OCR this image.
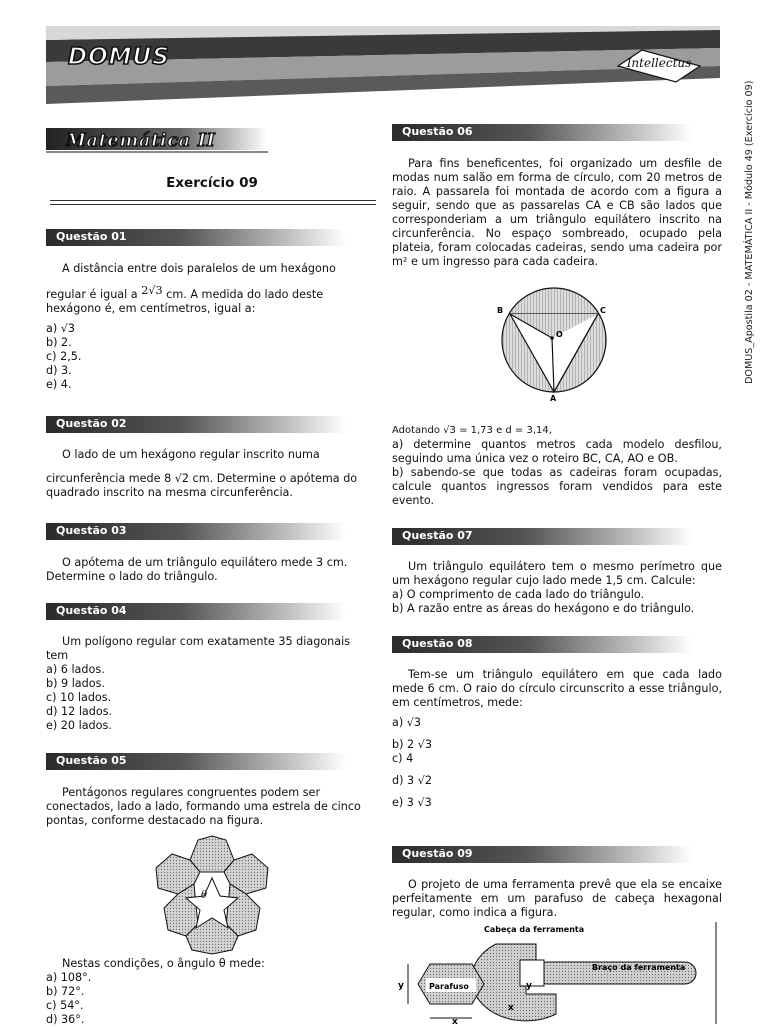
DOMUS	Intellectus
DOMUS_Apostila 02 - MATEMÁTICA II - Módulo 49 (Exercício 09)
Matemática II
Exercício 09
Questão 01

A distância entre dois paralelos de um hexágono

regular é igual a 2√3 cm. A medida do lado deste

hexágono é, em centímetros, igual a:

a) √3

b) 2.

c) 2,5.

d) 3.

e) 4.

Questão 02

O lado de um hexágono regular inscrito numa

circunferência mede 8 √2 cm. Determine o apótema do

quadrado inscrito na mesma circunferência.

Questão 03

O apótema de um triângulo equilátero mede 3 cm.

Determine o lado do triângulo.

Questão 04

Um polígono regular com exatamente 35 diagonais

tem

a) 6 lados.

b) 9 lados.

c) 10 lados.

d) 12 lados.

e) 20 lados.

Questão 05

Pentágonos regulares congruentes podem ser

conectados, lado a lado, formando uma estrela de cinco

pontas, conforme destacado na figura.

θ

Nestas condições, o ângulo θ mede:

a) 108°.

b) 72°.

c) 54°.

d) 36°.

Questão 06

Para fins beneficentes, foi organizado um desfile de modas num salão em forma de círculo, com 20 metros de raio. A passarela foi montada de acordo com a figura a seguir, sendo que as passarelas CA e CB são lados que corresponderiam a um triângulo equilátero inscrito na circunferência. No espaço sombreado, ocupado pela plateia, foram colocadas cadeiras, sendo uma cadeira por m² e um ingresso para cada cadeira.

B	C
O
A

Adotando √3 = 1,73 e d = 3,14,

a) determine quantos metros cada modelo desfilou, seguindo uma única vez o roteiro BC, CA, AO e OB.

b) sabendo-se que todas as cadeiras foram ocupadas, calcule quantos ingressos foram vendidos para este evento.

Questão 07

Um triângulo equilátero tem o mesmo perímetro que um hexágono regular cujo lado mede 1,5 cm. Calcule:

a) O comprimento de cada lado do triângulo.

b) A razão entre as áreas do hexágono e do triângulo.

Questão 08

Tem-se um triângulo equilátero em que cada lado mede 6 cm. O raio do círculo circunscrito a esse triângulo, em centímetros, mede:

a) √3

b) 2 √3

c) 4

d) 3 √2

e) 3 √3

Questão 09

O projeto de uma ferramenta prevê que ela se encaixe perfeitamente em um parafuso de cabeça hexagonal regular, como indica a figura.

Cabeça da ferramenta
Braço da ferramenta
Parafuso
y	y
x
x
